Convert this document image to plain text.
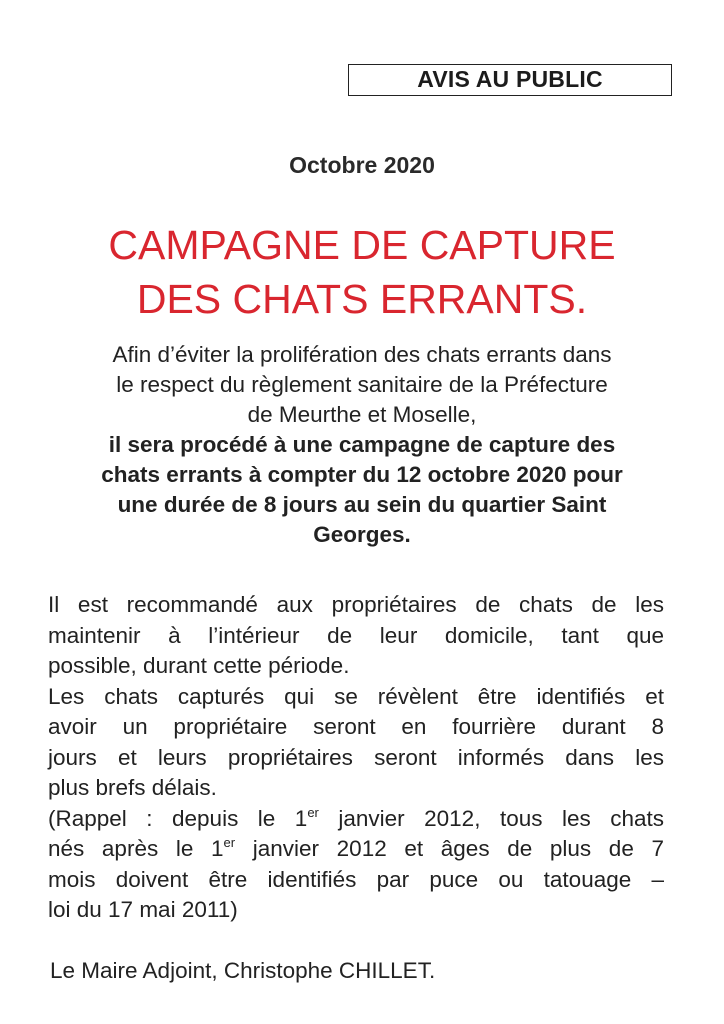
AVIS AU PUBLIC
Octobre 2020
CAMPAGNE DE CAPTURE
DES CHATS ERRANTS.
Afin d’éviter la prolifération des chats errants dans
le respect du règlement sanitaire de la Préfecture
de Meurthe et Moselle,
il sera procédé à une campagne de capture des
chats errants à compter du 12 octobre 2020 pour
une durée de 8 jours au sein du quartier Saint
Georges.
Il est recommandé aux propriétaires de chats de les
maintenir à l’intérieur de leur domicile, tant que
possible, durant cette période.
Les chats capturés qui se révèlent être identifiés et
avoir un propriétaire seront en fourrière durant 8
jours et leurs propriétaires seront informés dans les
plus brefs délais.
(Rappel : depuis le 1er janvier 2012, tous les chats
nés après le 1er janvier 2012 et âges de plus de 7
mois doivent être identifiés par puce ou tatouage –
loi du 17 mai 2011)
Le Maire Adjoint, Christophe CHILLET.
